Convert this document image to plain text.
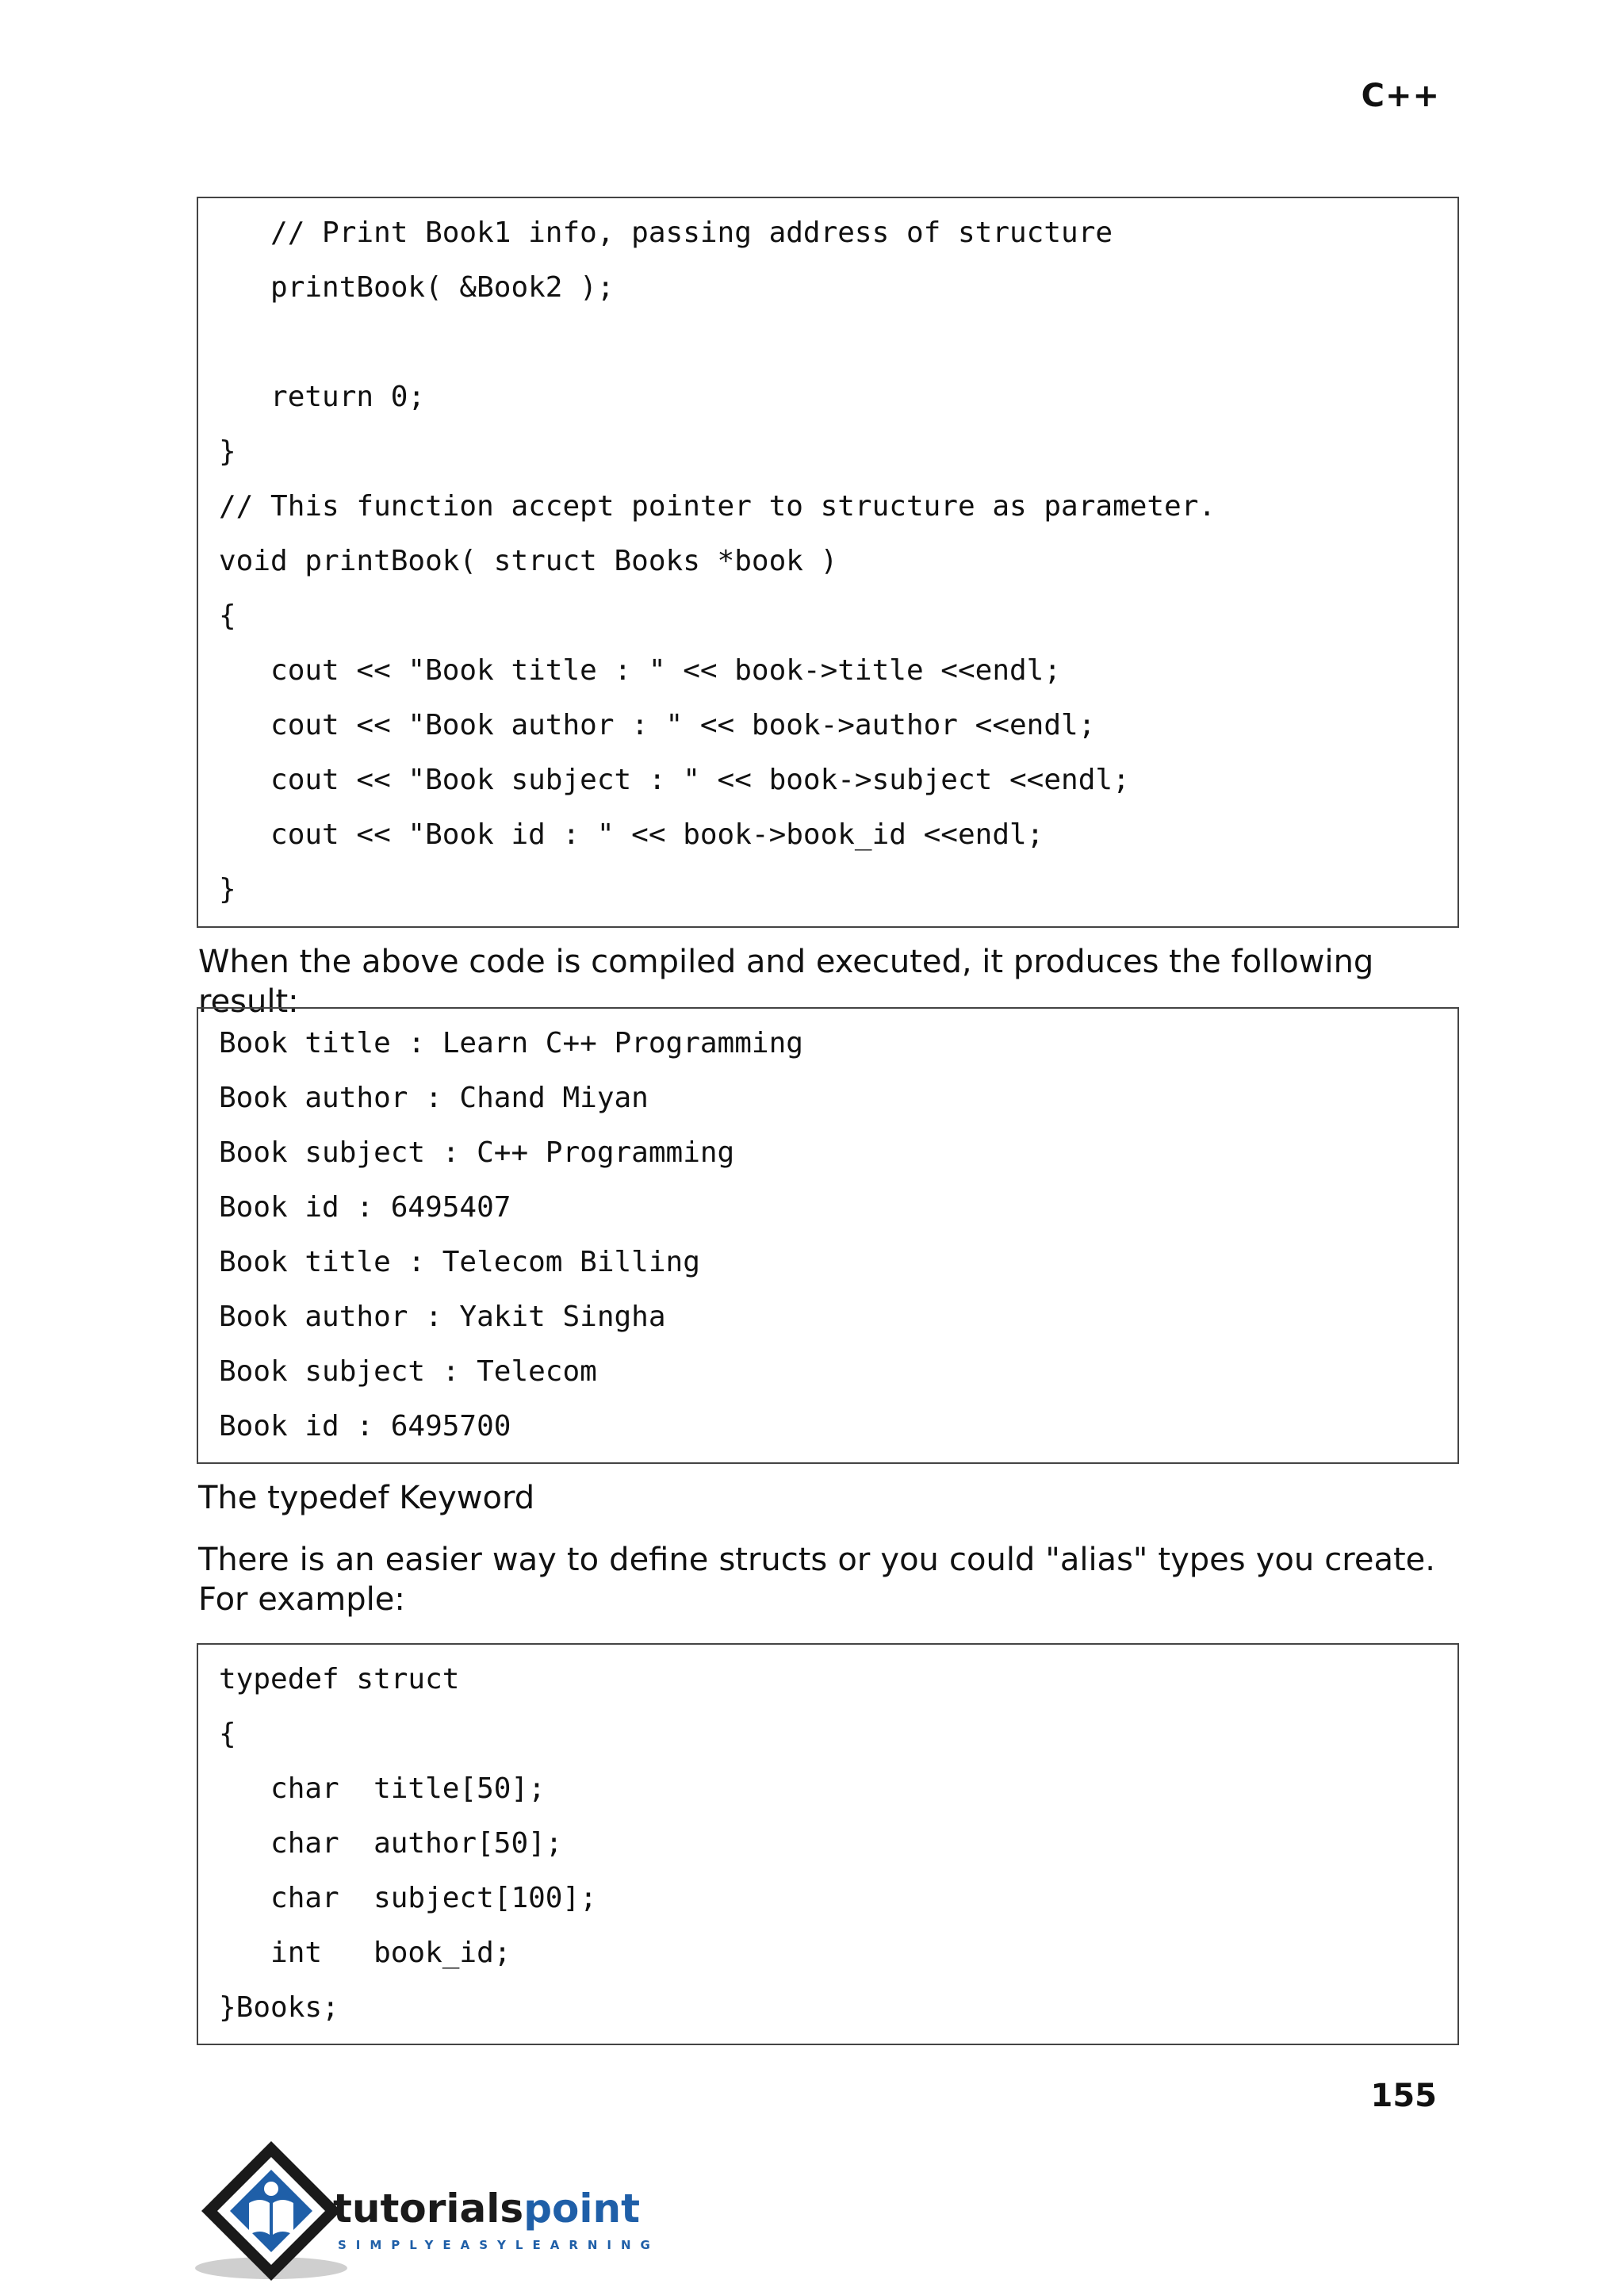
C++
// Print Book1 info, passing address of structure
printBook( &Book2 );
return 0;
}
// This function accept pointer to structure as parameter.
void printBook( struct Books *book )
{
cout << "Book title : " << book->title <<endl;
cout << "Book author : " << book->author <<endl;
cout << "Book subject : " << book->subject <<endl;
cout << "Book id : " << book->book_id <<endl;
}
When the above code is compiled and executed, it produces the following result:
Book title : Learn C++ Programming
Book author : Chand Miyan
Book subject : C++ Programming
Book id : 6495407
Book title : Telecom Billing
Book author : Yakit Singha
Book subject : Telecom
Book id : 6495700
The typedef Keyword
There is an easier way to define structs or you could "alias" types you create. For example:
typedef struct
{
char  title[50];
char  author[50];
char  subject[100];
int   book_id;
}Books;
155
tutorialspoint
SIMPLYEASYLEARNING
